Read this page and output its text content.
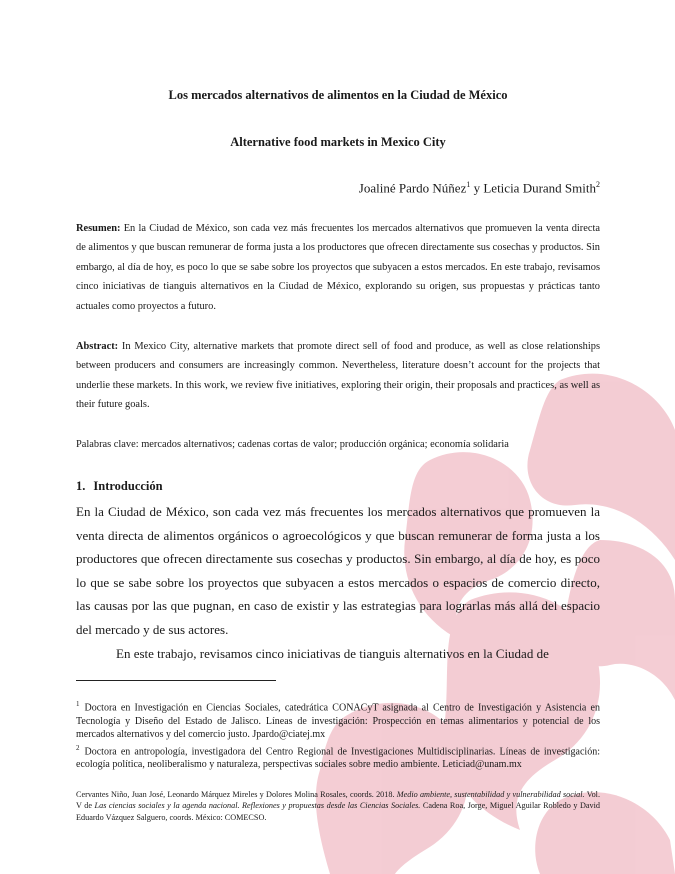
Los mercados alternativos de alimentos en la Ciudad de México
Alternative food markets in Mexico City
Joaliné Pardo Núñez$^1$ y Leticia Durand Smith$^2$

Resumen: En la Ciudad de México, son cada vez más frecuentes los mercados alternativos que promueven la venta directa de alimentos y que buscan remunerar de forma justa a los productores que ofrecen directamente sus cosechas y productos. Sin embargo, al día de hoy, es poco lo que se sabe sobre los proyectos que subyacen a estos mercados. En este trabajo, revisamos cinco iniciativas de tianguis alternativos en la Ciudad de México, explorando su origen, sus propuestas y prácticas tanto actuales como proyectos a futuro.

Abstract: In Mexico City, alternative markets that promote direct sell of food and produce, as well as close relationships between producers and consumers are increasingly common. Nevertheless, literature doesn’t account for the projects that underlie these markets. In this work, we review five initiatives, exploring their origin, their proposals and practices, as well as their future goals.

Palabras clave: mercados alternativos; cadenas cortas de valor; producción orgánica; economía solidaria

1. Introducción

En la Ciudad de México, son cada vez más frecuentes los mercados alternativos que promueven la venta directa de alimentos orgánicos o agroecológicos y que buscan remunerar de forma justa a los productores que ofrecen directamente sus cosechas y productos. Sin embargo, al día de hoy, es poco lo que se sabe sobre los proyectos que subyacen a estos mercados o espacios de comercio directo, las causas por las que pugnan, en caso de existir y las estrategias para lograrlas más allá del espacio del mercado y de sus actores.

En este trabajo, revisamos cinco iniciativas de tianguis alternativos en la Ciudad de

$^1$ Doctora en Investigación en Ciencias Sociales, catedrática CONACyT asignada al Centro de Investigación y Asistencia en Tecnología y Diseño del Estado de Jalisco. Líneas de investigación: Prospección en temas alimentarios y potencial de los mercados alternativos y del comercio justo. Jpardo@ciatej.mx

$^2$ Doctora en antropología, investigadora del Centro Regional de Investigaciones Multidisciplinarias. Líneas de investigación: ecología política, neoliberalismo y naturaleza, perspectivas sociales sobre medio ambiente. Leticiad@unam.mx

Cervantes Niño, Juan José, Leonardo Márquez Mireles y Dolores Molina Rosales, coords. 2018. Medio ambiente, sustentabilidad y vulnerabilidad social. Vol. V de Las ciencias sociales y la agenda nacional. Reflexiones y propuestas desde las Ciencias Sociales. Cadena Roa, Jorge, Miguel Aguilar Robledo y David Eduardo Vázquez Salguero, coords. México: COMECSO.
